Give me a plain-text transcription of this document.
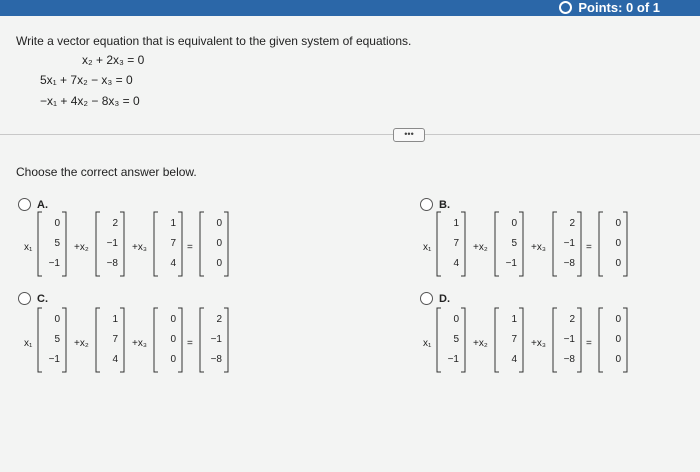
Points: 0 of 1
Write a vector equation that is equivalent to the given system of equations.
x₂ + 2x₃ = 0
5x₁ + 7x₂ − x₃ = 0
−x₁ + 4x₂ − 8x₃ = 0
•••
Choose the correct answer below.
A.
x₁
0
5
−1
+x₂
2
−1
−8
+x₃
1
7
4
=
0
0
0
B.
x₁
1
7
4
+x₂
0
5
−1
+x₃
2
−1
−8
=
0
0
0
C.
x₁
0
5
−1
+x₂
1
7
4
+x₃
0
0
0
=
2
−1
−8
D.
x₁
0
5
−1
+x₂
1
7
4
+x₃
2
−1
−8
=
0
0
0
